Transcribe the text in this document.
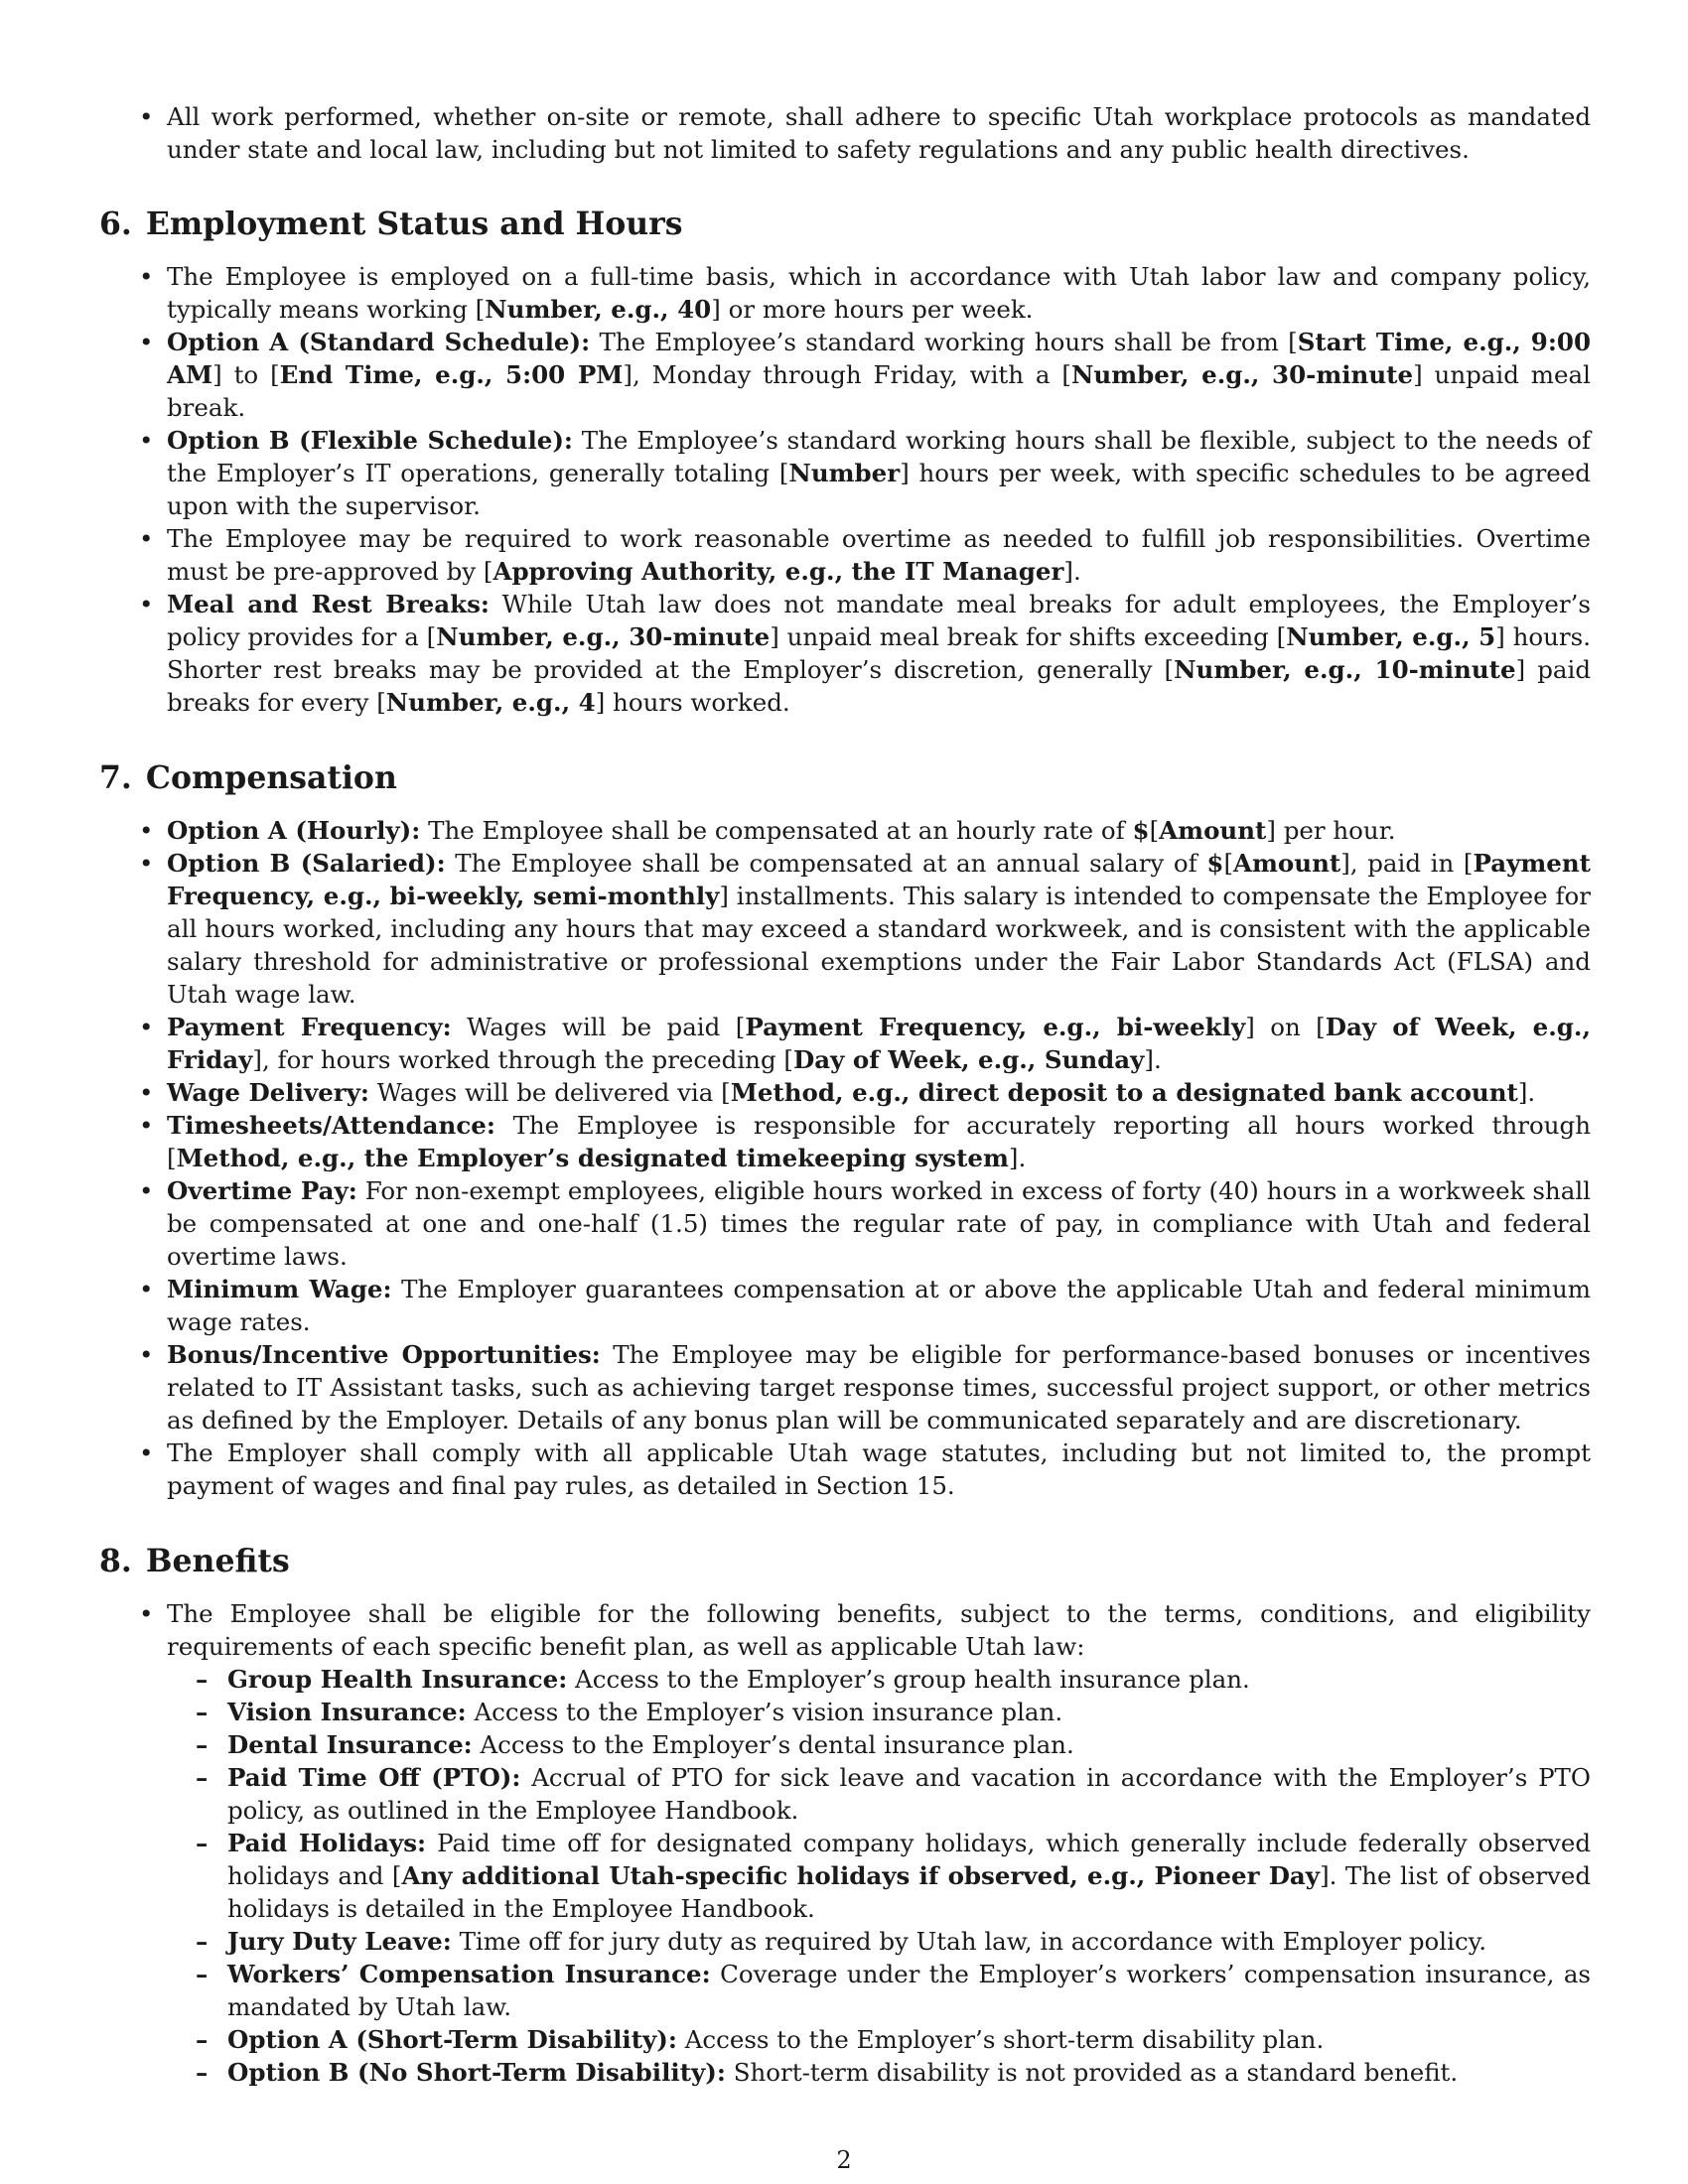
• All work performed, whether on-site or remote, shall adhere to specific Utah workplace protocols as mandated under state and local law, including but not limited to safety regulations and any public health directives.
6. Employment Status and Hours
• The Employee is employed on a full-time basis, which in accordance with Utah labor law and company policy, typically means working [Number, e.g., 40] or more hours per week.
• Option A (Standard Schedule): The Employee’s standard working hours shall be from [Start Time, e.g., 9:00 AM] to [End Time, e.g., 5:00 PM], Monday through Friday, with a [Number, e.g., 30-minute] unpaid meal break.
• Option B (Flexible Schedule): The Employee’s standard working hours shall be flexible, subject to the needs of the Employer’s IT operations, generally totaling [Number] hours per week, with specific schedules to be agreed upon with the supervisor.
• The Employee may be required to work reasonable overtime as needed to fulfill job responsibilities. Overtime must be pre-approved by [Approving Authority, e.g., the IT Manager].
• Meal and Rest Breaks: While Utah law does not mandate meal breaks for adult employees, the Employer’s policy provides for a [Number, e.g., 30-minute] unpaid meal break for shifts exceeding [Number, e.g., 5] hours. Shorter rest breaks may be provided at the Employer’s discretion, generally [Number, e.g., 10-minute] paid breaks for every [Number, e.g., 4] hours worked.
7. Compensation
• Option A (Hourly): The Employee shall be compensated at an hourly rate of $[Amount] per hour.
• Option B (Salaried): The Employee shall be compensated at an annual salary of $[Amount], paid in [Payment Frequency, e.g., bi-weekly, semi-monthly] installments. This salary is intended to compensate the Employee for all hours worked, including any hours that may exceed a standard workweek, and is consistent with the applicable salary threshold for administrative or professional exemptions under the Fair Labor Standards Act (FLSA) and Utah wage law.
• Payment Frequency: Wages will be paid [Payment Frequency, e.g., bi-weekly] on [Day of Week, e.g., Friday], for hours worked through the preceding [Day of Week, e.g., Sunday].
• Wage Delivery: Wages will be delivered via [Method, e.g., direct deposit to a designated bank account].
• Timesheets/Attendance: The Employee is responsible for accurately reporting all hours worked through [Method, e.g., the Employer’s designated timekeeping system].
• Overtime Pay: For non-exempt employees, eligible hours worked in excess of forty (40) hours in a workweek shall be compensated at one and one-half (1.5) times the regular rate of pay, in compliance with Utah and federal overtime laws.
• Minimum Wage: The Employer guarantees compensation at or above the applicable Utah and federal minimum wage rates.
• Bonus/Incentive Opportunities: The Employee may be eligible for performance-based bonuses or incentives related to IT Assistant tasks, such as achieving target response times, successful project support, or other metrics as defined by the Employer. Details of any bonus plan will be communicated separately and are discretionary.
• The Employer shall comply with all applicable Utah wage statutes, including but not limited to, the prompt payment of wages and final pay rules, as detailed in Section 15.
8. Benefits
• The Employee shall be eligible for the following benefits, subject to the terms, conditions, and eligibility requirements of each specific benefit plan, as well as applicable Utah law:
– Group Health Insurance: Access to the Employer’s group health insurance plan.
– Vision Insurance: Access to the Employer’s vision insurance plan.
– Dental Insurance: Access to the Employer’s dental insurance plan.
– Paid Time Off (PTO): Accrual of PTO for sick leave and vacation in accordance with the Employer’s PTO policy, as outlined in the Employee Handbook.
– Paid Holidays: Paid time off for designated company holidays, which generally include federally observed holidays and [Any additional Utah-specific holidays if observed, e.g., Pioneer Day]. The list of observed holidays is detailed in the Employee Handbook.
– Jury Duty Leave: Time off for jury duty as required by Utah law, in accordance with Employer policy.
– Workers’ Compensation Insurance: Coverage under the Employer’s workers’ compensation insurance, as mandated by Utah law.
– Option A (Short-Term Disability): Access to the Employer’s short-term disability plan.
– Option B (No Short-Term Disability): Short-term disability is not provided as a standard benefit.
2
